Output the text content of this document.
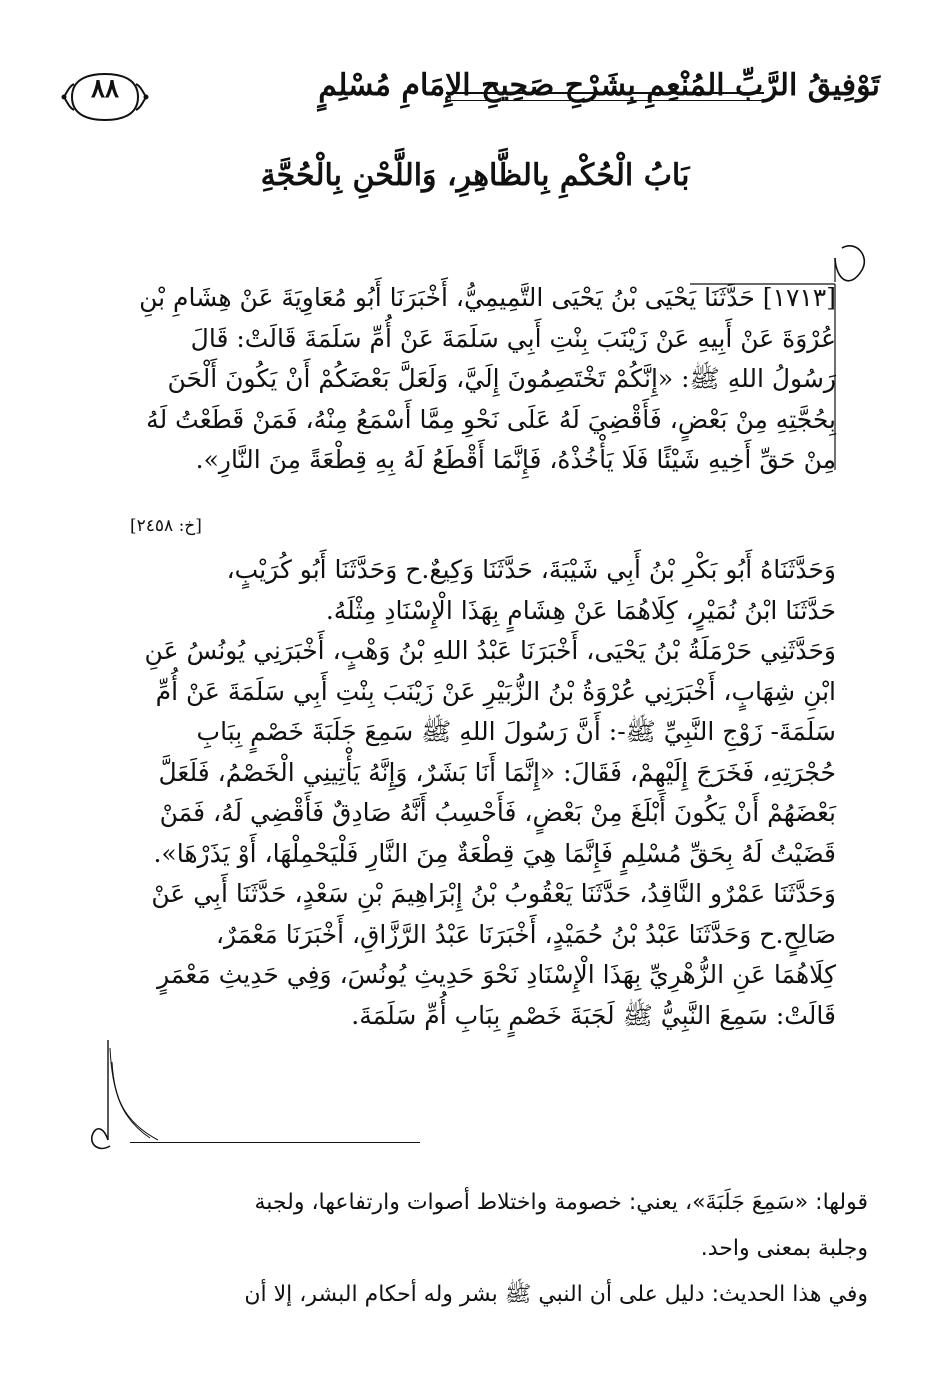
تَوْفِيقُ الرَّبِّ المُنْعِمِ بِشَرْحِ صَحِيحِ الإِمَامِ مُسْلِمٍ
٨٨
بَابُ الْحُكْمِ بِالظَّاهِرِ، وَاللَّحْنِ بِالْحُجَّةِ

[١٧١٣] حَدَّثَنَا يَحْيَى بْنُ يَحْيَى التَّمِيمِيُّ، أَخْبَرَنَا أَبُو مُعَاوِيَةَ عَنْ هِشَامِ بْنِ

عُرْوَةَ عَنْ أَبِيهِ عَنْ زَيْنَبَ بِنْتِ أَبِي سَلَمَةَ عَنْ أُمِّ سَلَمَةَ قَالَتْ: قَالَ

رَسُولُ اللهِ ﷺ: «إِنَّكُمْ تَخْتَصِمُونَ إِلَيَّ، وَلَعَلَّ بَعْضَكُمْ أَنْ يَكُونَ أَلْحَنَ

بِحُجَّتِهِ مِنْ بَعْضٍ، فَأَقْضِيَ لَهُ عَلَى نَحْوِ مِمَّا أَسْمَعُ مِنْهُ، فَمَنْ قَطَعْتُ لَهُ

مِنْ حَقِّ أَخِيهِ شَيْئًا فَلَا يَأْخُذْهُ، فَإِنَّمَا أَقْطَعُ لَهُ بِهِ قِطْعَةً مِنَ النَّارِ».

[خ: ٢٤٥٨]

وَحَدَّثَنَاهُ أَبُو بَكْرِ بْنُ أَبِي شَيْبَةَ، حَدَّثَنَا وَكِيعٌ.ح وَحَدَّثَنَا أَبُو كُرَيْبٍ،

حَدَّثَنَا ابْنُ نُمَيْرٍ، كِلَاهُمَا عَنْ هِشَامٍ بِهَذَا الْإِسْنَادِ مِثْلَهُ.

وَحَدَّثَنِي حَرْمَلَةُ بْنُ يَحْيَى، أَخْبَرَنَا عَبْدُ اللهِ بْنُ وَهْبٍ، أَخْبَرَنِي يُونُسُ عَنِ

ابْنِ شِهَابٍ، أَخْبَرَنِي عُرْوَةُ بْنُ الزُّبَيْرِ عَنْ زَيْنَبَ بِنْتِ أَبِي سَلَمَةَ عَنْ أُمِّ

سَلَمَةَ- زَوْجِ النَّبِيِّ ﷺ-: أَنَّ رَسُولَ اللهِ ﷺ سَمِعَ جَلَبَةَ خَصْمٍ بِبَابِ

حُجْرَتِهِ، فَخَرَجَ إِلَيْهِمْ، فَقَالَ: «إِنَّمَا أَنَا بَشَرٌ، وَإِنَّهُ يَأْتِينِي الْخَصْمُ، فَلَعَلَّ

بَعْضَهُمْ أَنْ يَكُونَ أَبْلَغَ مِنْ بَعْضٍ، فَأَحْسِبُ أَنَّهُ صَادِقٌ فَأَقْضِي لَهُ، فَمَنْ

قَضَيْتُ لَهُ بِحَقِّ مُسْلِمٍ فَإِنَّمَا هِيَ قِطْعَةٌ مِنَ النَّارِ فَلْيَحْمِلْهَا، أَوْ يَذَرْهَا».

وَحَدَّثَنَا عَمْرٌو النَّاقِدُ، حَدَّثَنَا يَعْقُوبُ بْنُ إِبْرَاهِيمَ بْنِ سَعْدٍ، حَدَّثَنَا أَبِي عَنْ

صَالِحٍ.ح وَحَدَّثَنَا عَبْدُ بْنُ حُمَيْدٍ، أَخْبَرَنَا عَبْدُ الرَّزَّاقِ، أَخْبَرَنَا مَعْمَرٌ،

كِلَاهُمَا عَنِ الزُّهْرِيِّ بِهَذَا الْإِسْنَادِ نَحْوَ حَدِيثِ يُونُسَ، وَفِي حَدِيثِ مَعْمَرٍ

قَالَتْ: سَمِعَ النَّبِيُّ ﷺ لَجَبَةَ خَصْمٍ بِبَابِ أُمِّ سَلَمَةَ.

قولها: «سَمِعَ جَلَبَةَ»، يعني: خصومة واختلاط أصوات وارتفاعها، ولجبة

وجلبة بمعنى واحد.

وفي هذا الحديث: دليل على أن النبي ﷺ بشر وله أحكام البشر، إلا أن
